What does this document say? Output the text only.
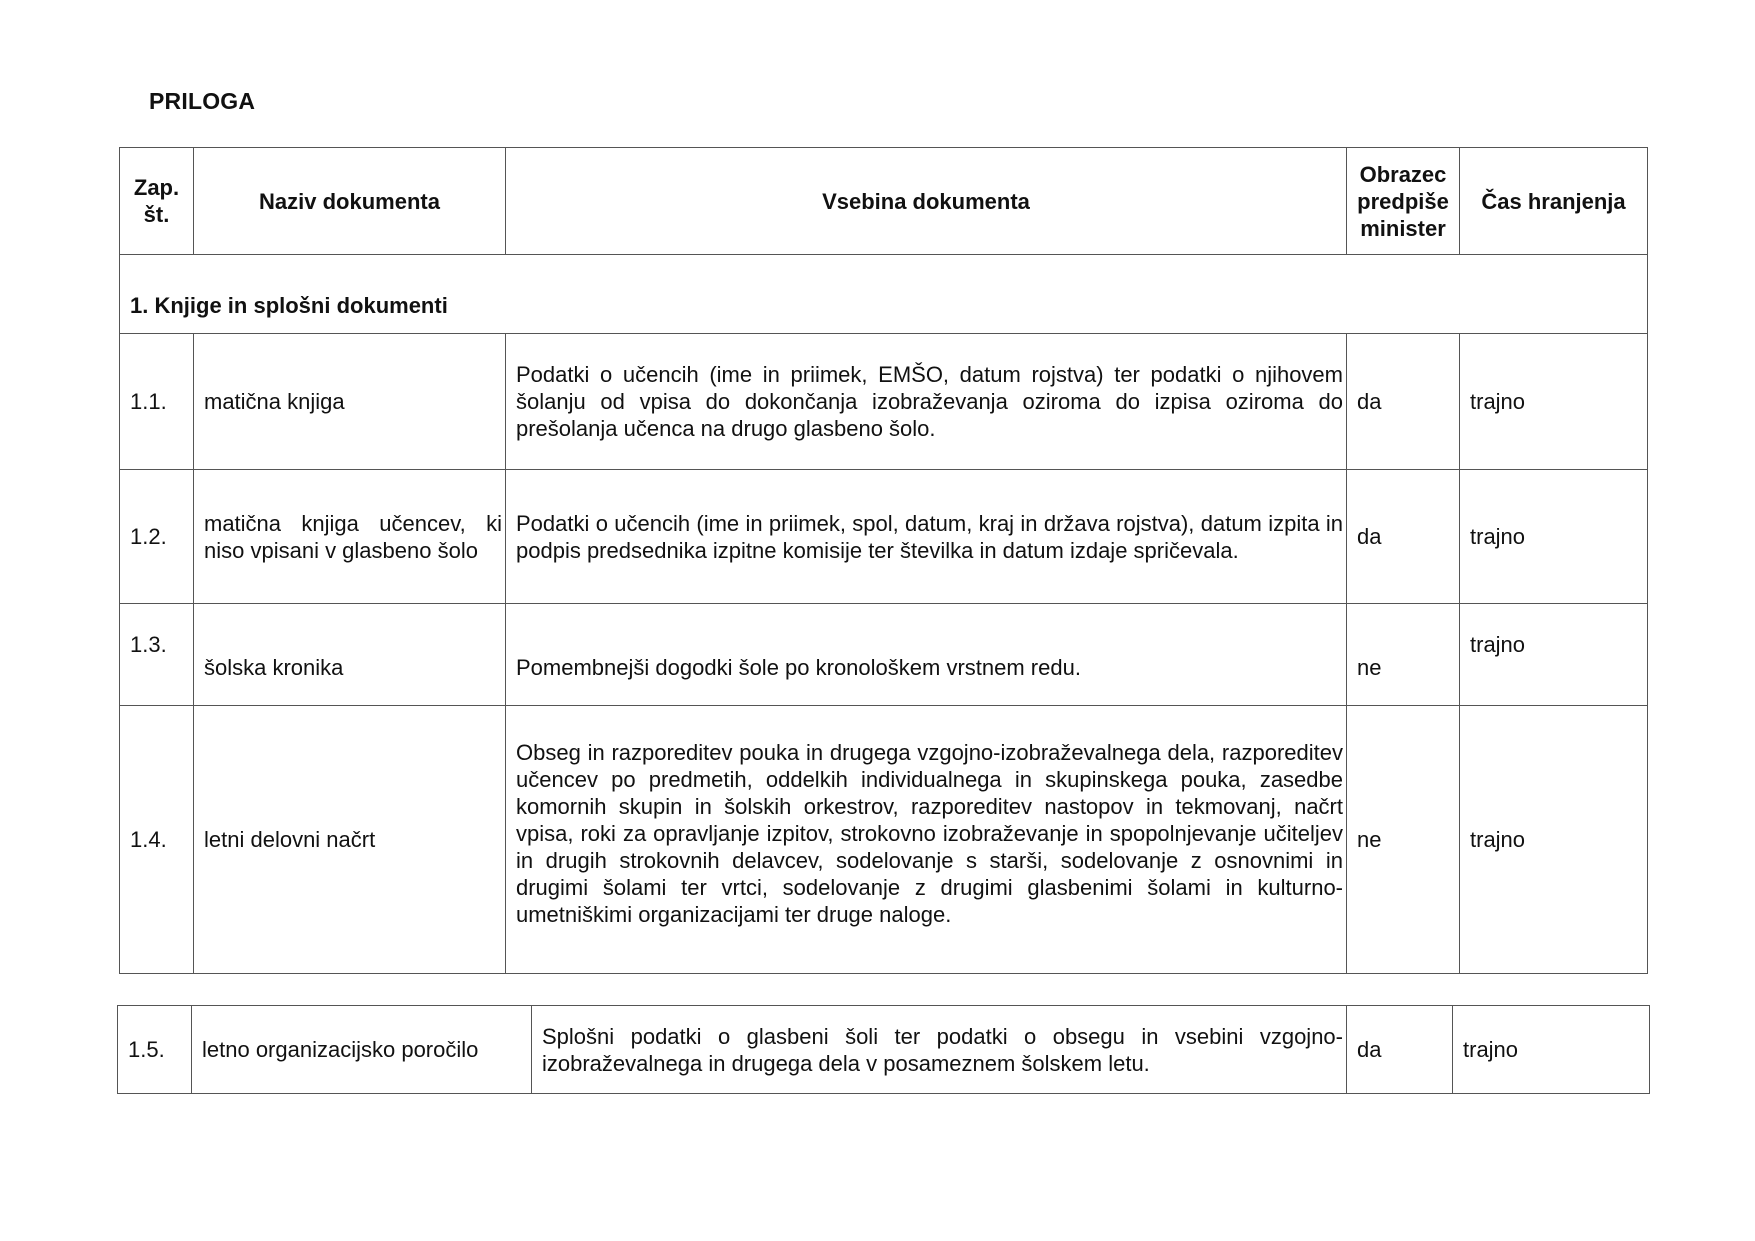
PRILOGA
Zap. št.	Naziv dokumenta	Vsebina dokumenta	Obrazec predpiše minister	Čas hranjenja
1. Knjige in splošni dokumenti				
1.1.	matična knjiga	Podatki o učencih (ime in priimek, EMŠO, datum rojstva) ter podatki o njihovem šolanju od vpisa do dokončanja izobraževanja oziroma do izpisa oziroma do prešolanja učenca na drugo glasbeno šolo.	da	trajno
1.2.	matična knjiga učencev, ki niso vpisani v glasbeno šolo	Podatki o učencih (ime in priimek, spol, datum, kraj in država rojstva), datum izpita in podpis predsednika izpitne komisije ter številka in datum izdaje spričevala.	da	trajno
1.3.	šolska kronika	Pomembnejši dogodki šole po kronološkem vrstnem redu.	ne	trajno
1.4.	letni delovni načrt	Obseg in razporeditev pouka in drugega vzgojno-izobraževalnega dela, razporeditev učencev po predmetih, oddelkih individualnega in skupinskega pouka, zasedbe komornih skupin in šolskih orkestrov, razporeditev nastopov in tekmovanj, načrt vpisa, roki za opravljanje izpitov, strokovno izobraževanje in spopolnjevanje učiteljev in drugih strokovnih delavcev, sodelovanje s starši, sodelovanje z osnovnimi in drugimi šolami ter vrtci, sodelovanje z drugimi glasbenimi šolami in kulturno-umetniškimi organizacijami ter druge naloge.	ne	trajno
1.5.	letno organizacijsko poročilo	Splošni podatki o glasbeni šoli ter podatki o obsegu in vsebini vzgojno-izobraževalnega in drugega dela v posameznem šolskem letu.	da	trajno
